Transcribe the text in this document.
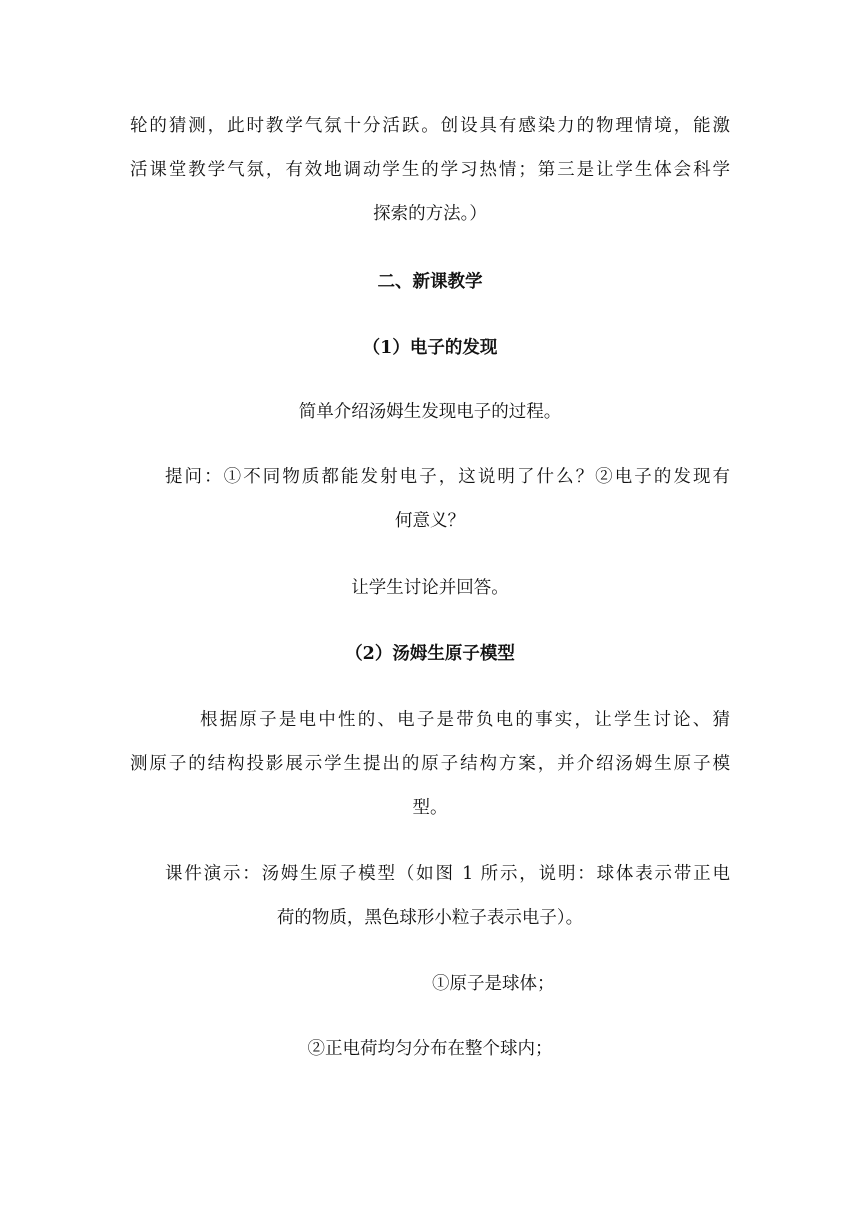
轮的猜测，此时教学气氛十分活跃。创设具有感染力的物理情境，能激
活课堂教学气氛，有效地调动学生的学习热情；第三是让学生体会科学
探索的方法。）

二、新课教学

（1）电子的发现

简单介绍汤姆生发现电子的过程。

提问：①不同物质都能发射电子，这说明了什么？②电子的发现有
何意义？

让学生讨论并回答。

（2）汤姆生原子模型

根据原子是电中性的、电子是带负电的事实，让学生讨论、猜
测原子的结构投影展示学生提出的原子结构方案，并介绍汤姆生原子模
型。

课件演示：汤姆生原子模型（如图 1 所示，说明：球体表示带正电
荷的物质，黑色球形小粒子表示电子）。

①原子是球体；

②正电荷均匀分布在整个球内；
